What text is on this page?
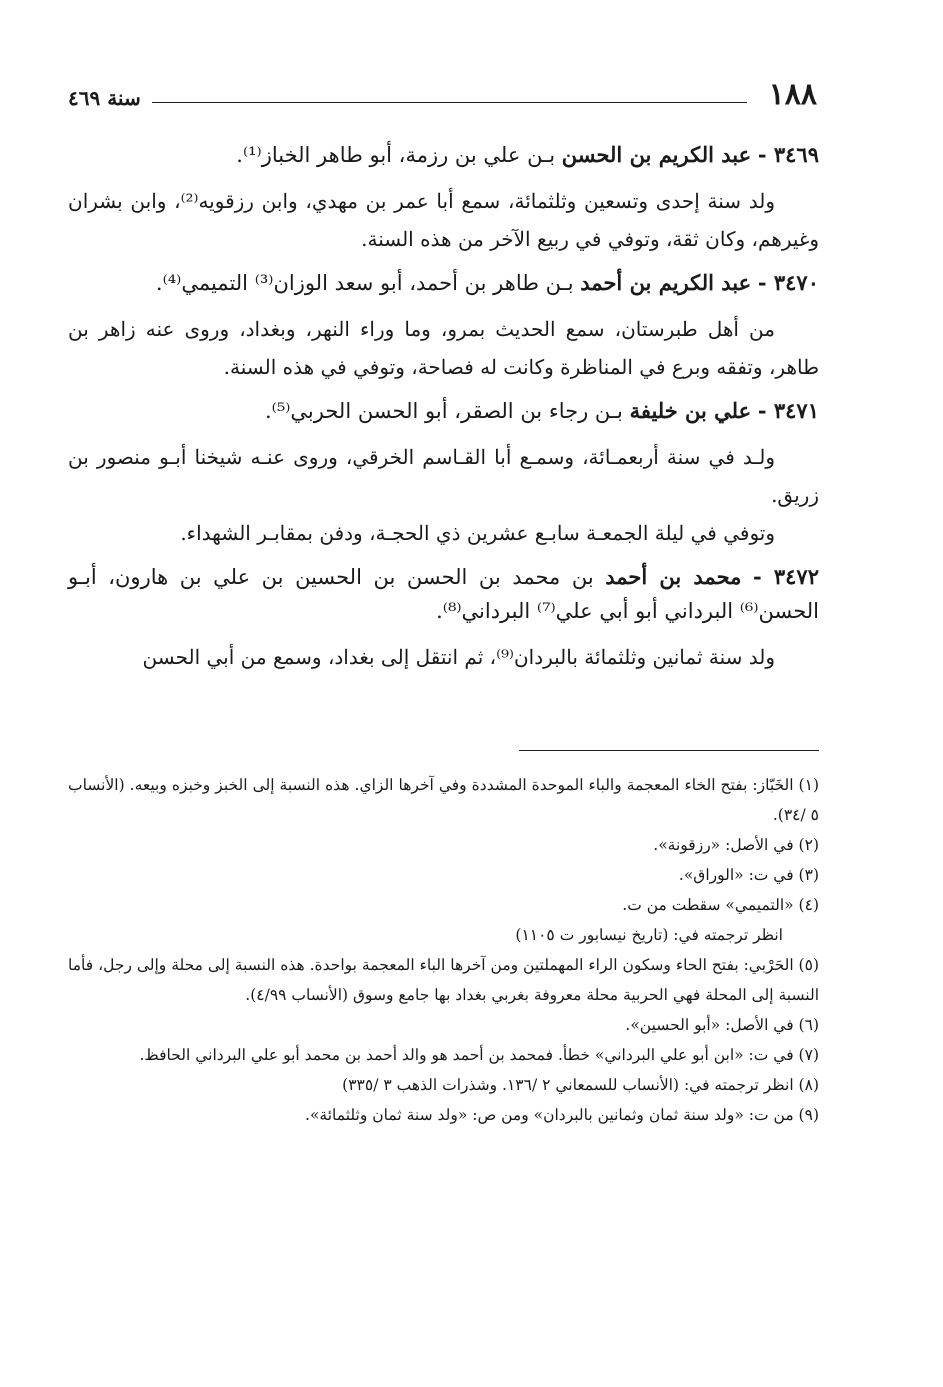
١٨٨
سنة ٤٦٩
٣٤٦٩ - عبد الكريم بن الحسن بـن علي بن رزمة، أبو طاهر الخباز⁽¹⁾.

ولد سنة إحدى وتسعين وثلثمائة، سمع أبا عمر بن مهدي، وابن رزقويه⁽²⁾، وابن بشران وغيرهم، وكان ثقة، وتوفي في ربيع الآخر من هذه السنة.

٣٤٧٠ - عبد الكريم بن أحمد بـن طاهر بن أحمد، أبو سعد الوزان⁽³⁾ التميمي⁽⁴⁾.

من أهل طبرستان، سمع الحديث بمرو، وما وراء النهر، وبغداد، وروى عنه زاهر بن طاهر، وتفقه وبرع في المناظرة وكانت له فصاحة، وتوفي في هذه السنة.

٣٤٧١ - علي بن خليفة بـن رجاء بن الصقر، أبو الحسن الحربي⁽⁵⁾.

ولـد في سنة أربعمـائة، وسمـع أبا القـاسم الخرقي، وروى عنـه شيخنا أبـو منصور بن زريق.

وتوفي في ليلة الجمعـة سابـع عشرين ذي الحجـة، ودفن بمقابـر الشهداء.

٣٤٧٢ - محمد بن أحمد بن محمد بن الحسن بن الحسين بن علي بن هارون، أبـو الحسن⁽⁶⁾ البرداني أبو أبي علي⁽⁷⁾ البرداني⁽⁸⁾.

ولد سنة ثمانين وثلثمائة بالبردان⁽⁹⁾، ثم انتقل إلى بغداد، وسمع من أبي الحسن

(١) الخَبّاز: بفتح الخاء المعجمة والباء الموحدة المشددة وفي آخرها الزاي. هذه النسبة إلى الخبز وخبزه وبيعه. (الأنساب ٥ /٣٤).

(٢) في الأصل: «رزقونة».

(٣) في ت: «الوراق».

(٤) «التميمي» سقطت من ت.

انظر ترجمته في: (تاريخ نيسابور ت ١١٠٥)

(٥) الحَرْبي: بفتح الحاء وسكون الراء المهملتين ومن آخرها الباء المعجمة بواحدة. هذه النسبة إلى محلة وإلى رجل، فأما النسبة إلى المحلة فهي الحربية محلة معروفة بغربي بغداد بها جامع وسوق (الأنساب ٤/٩٩).

(٦) في الأصل: «أبو الحسين».

(٧) في ت: «ابن أبو علي البرداني» خطأ. فمحمد بن أحمد هو والد أحمد بن محمد أبو علي البرداني الحافظ.

(٨) انظر ترجمته في: (الأنساب للسمعاني ٢ /١٣٦. وشذرات الذهب ٣ /٣٣٥)

(٩) من ت: «ولد سنة ثمان وثمانين بالبردان» ومن ص: «ولد سنة ثمان وثلثمائة».
